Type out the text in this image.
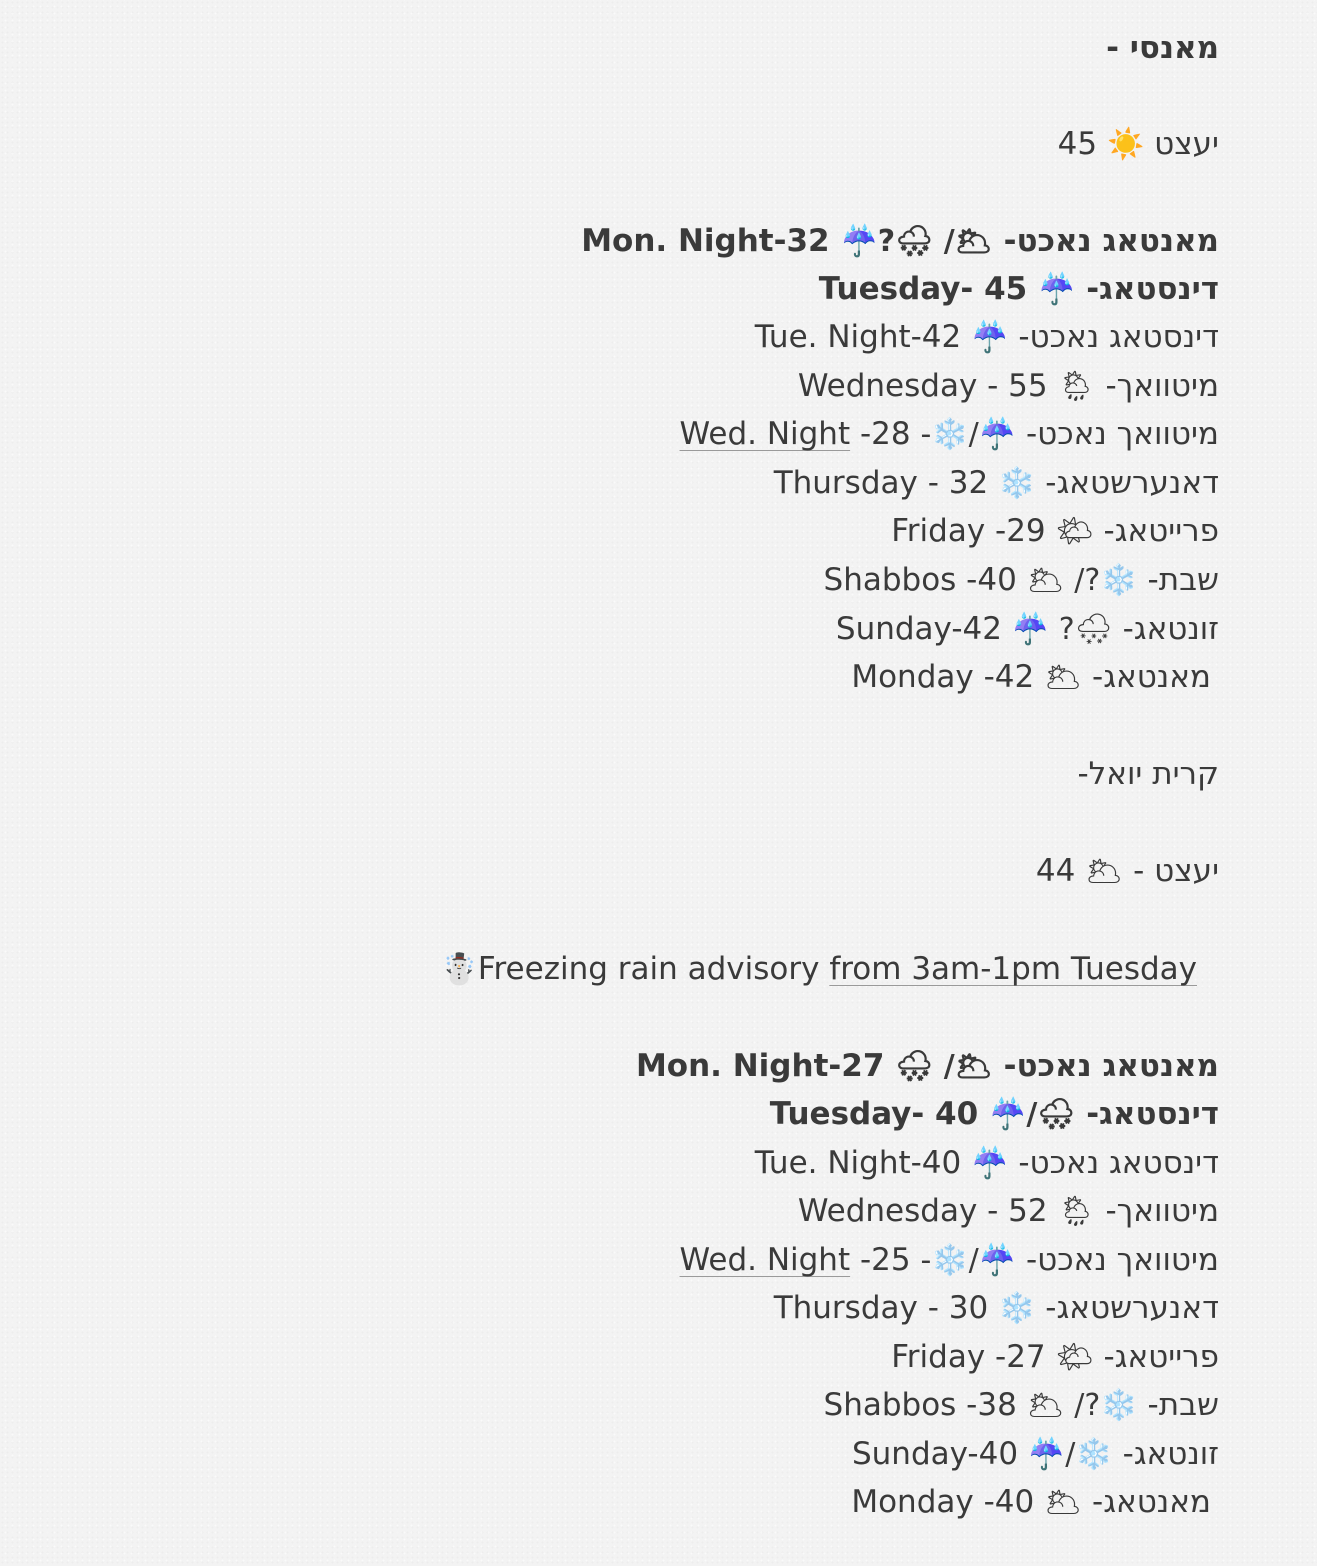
מאנסי -
יעצט ☀️ 45
מאנטאג נאכט- 🌥/ 🌨?☔️ Mon. Night-32
דינסטאג- ☔️ Tuesday- 45
דינסטאג נאכט- ☔️ Tue. Night-42
מיטוואך- 🌦 Wednesday - 55
מיטוואך נאכט- ☔️/❄️- Wed. Night -28
דאנערשטאג- ❄️ Thursday - 32
פרייטאג- 🌤 Friday -29
שבת- ❄️?/ 🌥 Shabbos -40
זונטאג- 🌨? ☔️ Sunday-42
מאנטאג- 🌥 Monday -42
קרית יואל-
יעצט - 🌥 44
☃️Freezing rain advisory from 3am-1pm Tuesday
מאנטאג נאכט- 🌥/ 🌨 Mon. Night-27
דינסטאג- 🌨/☔️ Tuesday- 40
דינסטאג נאכט- ☔️ Tue. Night-40
מיטוואך- 🌦 Wednesday - 52
מיטוואך נאכט- ☔️/❄️- Wed. Night -25
דאנערשטאג- ❄️ Thursday - 30
פרייטאג- 🌤 Friday -27
שבת- ❄️?/ 🌥 Shabbos -38
זונטאג- ❄️/☔️ Sunday-40
מאנטאג- 🌥 Monday -40
